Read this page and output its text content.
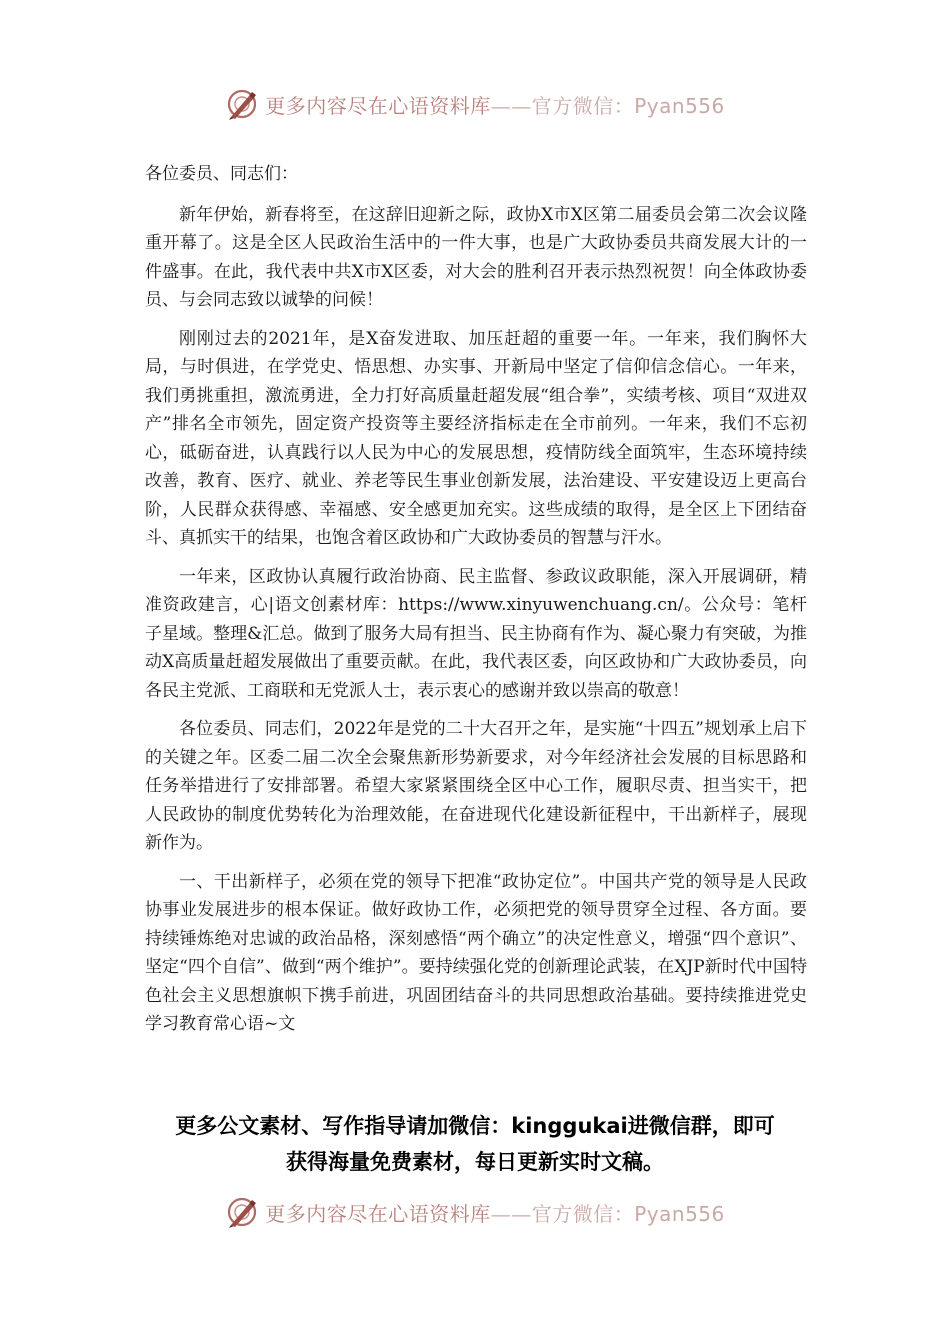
更多内容尽在心语资料库——官方微信：Pyan556

各位委员、同志们：

新年伊始，新春将至，在这辞旧迎新之际，政协X市X区第二届委员会第二次会议隆重开幕了。这是全区人民政治生活中的一件大事，也是广大政协委员共商发展大计的一件盛事。在此，我代表中共X市X区委，对大会的胜利召开表示热烈祝贺！向全体政协委员、与会同志致以诚挚的问候！

刚刚过去的2021年，是X奋发进取、加压赶超的重要一年。一年来，我们胸怀大局，与时俱进，在学党史、悟思想、办实事、开新局中坚定了信仰信念信心。一年来，我们勇挑重担，激流勇进，全力打好高质量赶超发展“组合拳”，实绩考核、项目“双进双产”排名全市领先，固定资产投资等主要经济指标走在全市前列。一年来，我们不忘初心，砥砺奋进，认真践行以人民为中心的发展思想，疫情防线全面筑牢，生态环境持续改善，教育、医疗、就业、养老等民生事业创新发展，法治建设、平安建设迈上更高台阶，人民群众获得感、幸福感、安全感更加充实。这些成绩的取得，是全区上下团结奋斗、真抓实干的结果，也饱含着区政协和广大政协委员的智慧与汗水。

一年来，区政协认真履行政治协商、民主监督、参政议政职能，深入开展调研，精准资政建言，心|语文创素材库：https://www.xinyuwenchuang.cn/。公众号：笔杆子星域。整理&汇总。做到了服务大局有担当、民主协商有作为、凝心聚力有突破，为推动X高质量赶超发展做出了重要贡献。在此，我代表区委，向区政协和广大政协委员，向各民主党派、工商联和无党派人士，表示衷心的感谢并致以崇高的敬意！

各位委员、同志们，2022年是党的二十大召开之年，是实施“十四五”规划承上启下的关键之年。区委二届二次全会聚焦新形势新要求，对今年经济社会发展的目标思路和任务举措进行了安排部署。希望大家紧紧围绕全区中心工作，履职尽责、担当实干，把人民政协的制度优势转化为治理效能，在奋进现代化建设新征程中，干出新样子，展现新作为。

一、干出新样子，必须在党的领导下把准“政协定位”。中国共产党的领导是人民政协事业发展进步的根本保证。做好政协工作，必须把党的领导贯穿全过程、各方面。要持续锤炼绝对忠诚的政治品格，深刻感悟“两个确立”的决定性意义，增强“四个意识”、坚定“四个自信”、做到“两个维护”。要持续强化党的创新理论武装，在XJP新时代中国特色社会主义思想旗帜下携手前进，巩固团结奋斗的共同思想政治基础。要持续推进党史学习教育常心语~文

更多公文素材、写作指导请加微信：kinggukai进微信群，即可
获得海量免费素材，每日更新实时文稿。
更多内容尽在心语资料库——官方微信：Pyan556
